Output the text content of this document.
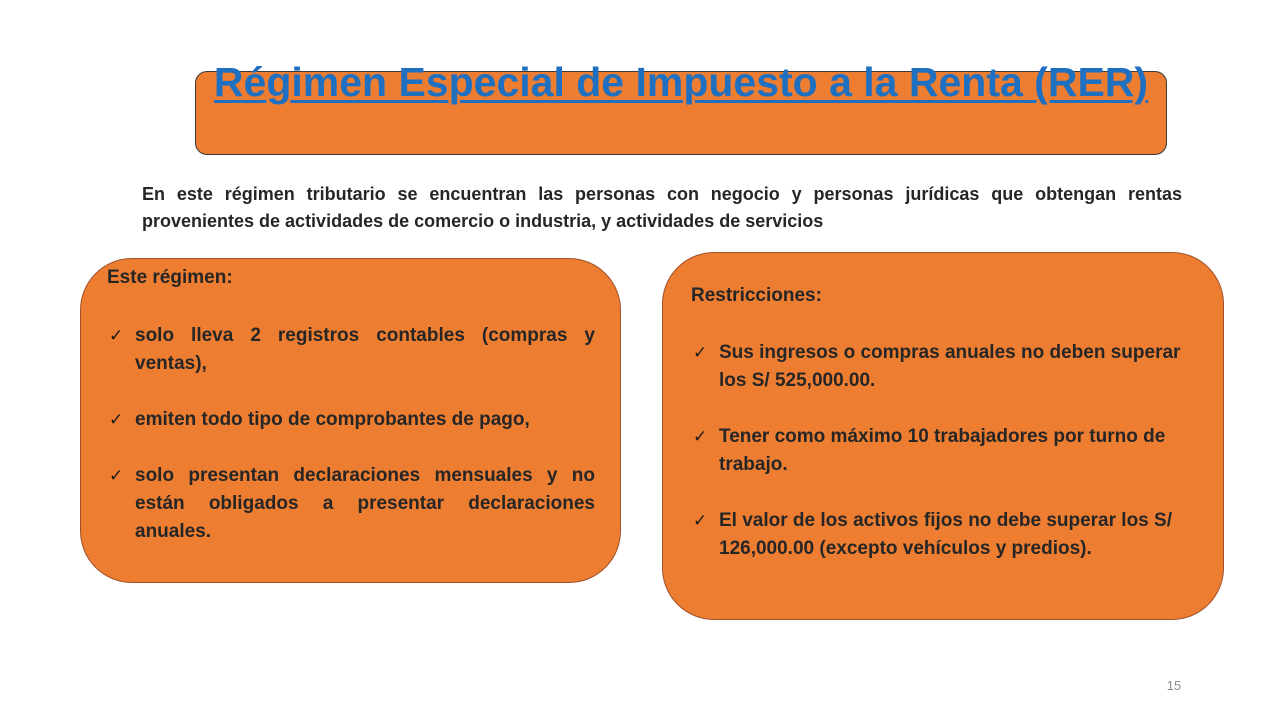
Régimen Especial de Impuesto a la Renta (RER)

En este régimen tributario se encuentran las personas con negocio y personas jurídicas que obtengan rentas provenientes de actividades de comercio o industria, y actividades de servicios

Este régimen:

✓ solo lleva 2 registros contables (compras y ventas),
✓ emiten todo tipo de comprobantes de pago,
✓ solo presentan declaraciones mensuales y no están obligados a presentar declaraciones anuales.

Restricciones:

✓ Sus ingresos o compras anuales no deben superar los S/ 525,000.00.
✓ Tener como máximo 10 trabajadores por turno de trabajo.
✓ El valor de los activos fijos no debe superar los S/ 126,000.00 (excepto vehículos y predios).
15
